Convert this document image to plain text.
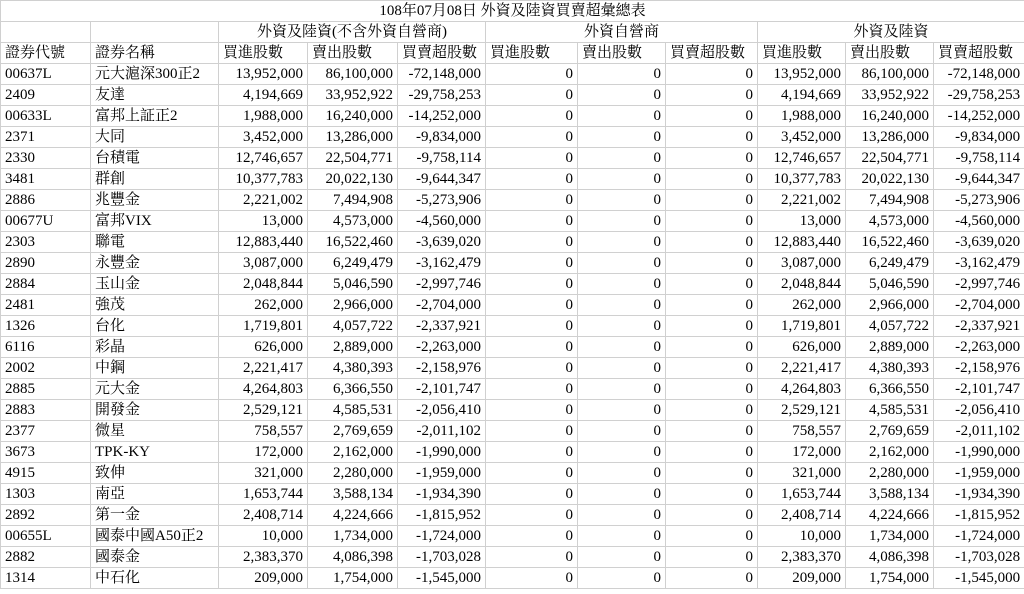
108年07月08日 外資及陸資買賣超彙總表										
		外資及陸資(不含外資自營商)			外資自營商			外資及陸資		
證券代號	證券名稱	買進股數	賣出股數	買賣超股數	買進股數	賣出股數	買賣超股數	買進股數	賣出股數	買賣超股數
00637L	元大滬深300正2	13,952,000	86,100,000	-72,148,000	0	0	0	13,952,000	86,100,000	-72,148,000
2409	友達	4,194,669	33,952,922	-29,758,253	0	0	0	4,194,669	33,952,922	-29,758,253
00633L	富邦上証正2	1,988,000	16,240,000	-14,252,000	0	0	0	1,988,000	16,240,000	-14,252,000
2371	大同	3,452,000	13,286,000	-9,834,000	0	0	0	3,452,000	13,286,000	-9,834,000
2330	台積電	12,746,657	22,504,771	-9,758,114	0	0	0	12,746,657	22,504,771	-9,758,114
3481	群創	10,377,783	20,022,130	-9,644,347	0	0	0	10,377,783	20,022,130	-9,644,347
2886	兆豐金	2,221,002	7,494,908	-5,273,906	0	0	0	2,221,002	7,494,908	-5,273,906
00677U	富邦VIX	13,000	4,573,000	-4,560,000	0	0	0	13,000	4,573,000	-4,560,000
2303	聯電	12,883,440	16,522,460	-3,639,020	0	0	0	12,883,440	16,522,460	-3,639,020
2890	永豐金	3,087,000	6,249,479	-3,162,479	0	0	0	3,087,000	6,249,479	-3,162,479
2884	玉山金	2,048,844	5,046,590	-2,997,746	0	0	0	2,048,844	5,046,590	-2,997,746
2481	強茂	262,000	2,966,000	-2,704,000	0	0	0	262,000	2,966,000	-2,704,000
1326	台化	1,719,801	4,057,722	-2,337,921	0	0	0	1,719,801	4,057,722	-2,337,921
6116	彩晶	626,000	2,889,000	-2,263,000	0	0	0	626,000	2,889,000	-2,263,000
2002	中鋼	2,221,417	4,380,393	-2,158,976	0	0	0	2,221,417	4,380,393	-2,158,976
2885	元大金	4,264,803	6,366,550	-2,101,747	0	0	0	4,264,803	6,366,550	-2,101,747
2883	開發金	2,529,121	4,585,531	-2,056,410	0	0	0	2,529,121	4,585,531	-2,056,410
2377	微星	758,557	2,769,659	-2,011,102	0	0	0	758,557	2,769,659	-2,011,102
3673	TPK-KY	172,000	2,162,000	-1,990,000	0	0	0	172,000	2,162,000	-1,990,000
4915	致伸	321,000	2,280,000	-1,959,000	0	0	0	321,000	2,280,000	-1,959,000
1303	南亞	1,653,744	3,588,134	-1,934,390	0	0	0	1,653,744	3,588,134	-1,934,390
2892	第一金	2,408,714	4,224,666	-1,815,952	0	0	0	2,408,714	4,224,666	-1,815,952
00655L	國泰中國A50正2	10,000	1,734,000	-1,724,000	0	0	0	10,000	1,734,000	-1,724,000
2882	國泰金	2,383,370	4,086,398	-1,703,028	0	0	0	2,383,370	4,086,398	-1,703,028
1314	中石化	209,000	1,754,000	-1,545,000	0	0	0	209,000	1,754,000	-1,545,000
